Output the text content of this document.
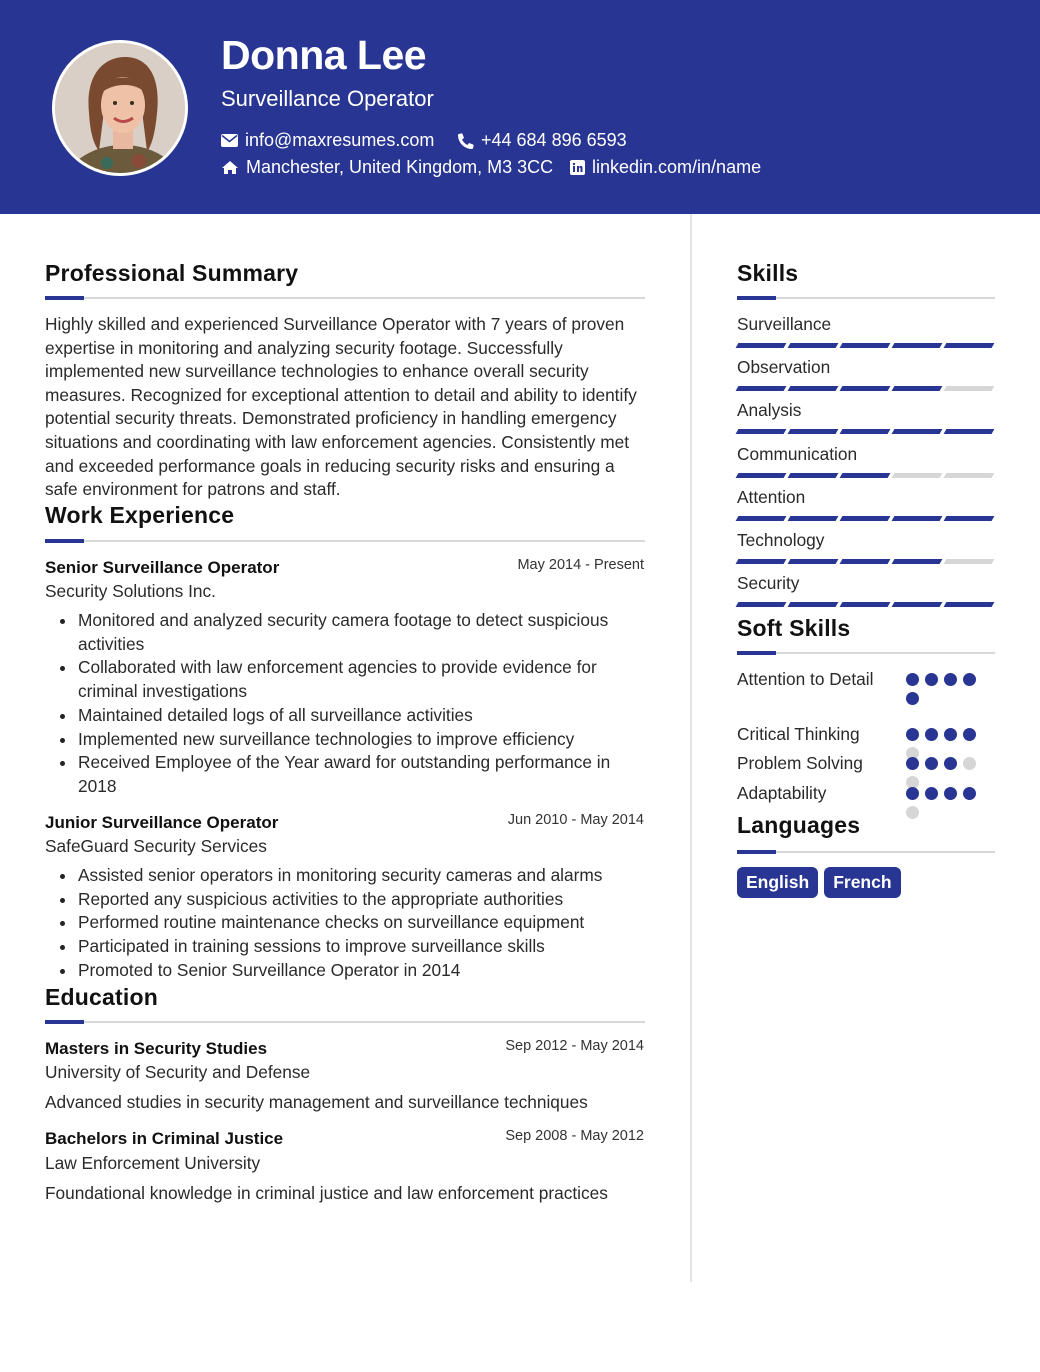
Donna Lee
Surveillance Operator
info@maxresumes.com	+44 684 896 6593
Manchester, United Kingdom, M3 3CC linkedin.com/in/name
Professional Summary
Highly skilled and experienced Surveillance Operator with 7 years of proven expertise in monitoring and analyzing security footage. Successfully implemented new surveillance technologies to enhance overall security measures. Recognized for exceptional attention to detail and ability to identify potential security threats. Demonstrated proficiency in handling emergency situations and coordinating with law enforcement agencies. Consistently met and exceeded performance goals in reducing security risks and ensuring a safe environment for patrons and staff.
Work Experience
Senior Surveillance Operator	May 2014 - Present
Security Solutions Inc.
Monitored and analyzed security camera footage to detect suspicious activities
Collaborated with law enforcement agencies to provide evidence for criminal investigations
Maintained detailed logs of all surveillance activities
Implemented new surveillance technologies to improve efficiency
Received Employee of the Year award for outstanding performance in 2018
Junior Surveillance Operator	Jun 2010 - May 2014
SafeGuard Security Services
Assisted senior operators in monitoring security cameras and alarms
Reported any suspicious activities to the appropriate authorities
Performed routine maintenance checks on surveillance equipment
Participated in training sessions to improve surveillance skills
Promoted to Senior Surveillance Operator in 2014
Education
Masters in Security Studies	Sep 2012 - May 2014
University of Security and Defense
Advanced studies in security management and surveillance techniques
Bachelors in Criminal Justice	Sep 2008 - May 2012
Law Enforcement University
Foundational knowledge in criminal justice and law enforcement practices
Skills
Surveillance
Observation
Analysis
Communication
Attention
Technology
Security
Soft Skills
Attention to Detail
Critical Thinking
Problem Solving
Adaptability
Languages
English	French
